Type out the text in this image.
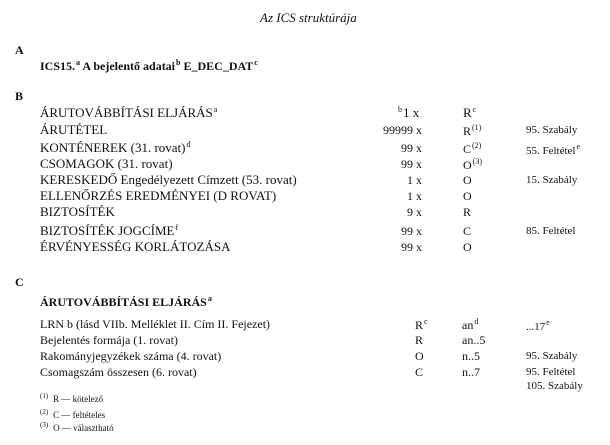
Az ICS struktúrája
A
ICS15.$^a$ A bejelentő adatai$^b$ E_DEC_DAT$^c$
B
ÁRUTOVÁBBÍTÁSI ELJÁRÁS$^a$	$^b$1 x	$R^c$
ÁRUTÉTEL	99999 x	$R^{(1)}$	95. Szabály
KONTÉNEREK (31. rovat)$^d$	99 x	$C^{(2)}$	55. Feltétel$^e$
CSOMAGOK (31. rovat)	99 x	$O^{(3)}$
KERESKEDŐ Engedélyezett Címzett (53. rovat)	1 x	O	15. Szabály
ELLENŐRZÉS EREDMÉNYEI (D ROVAT)	1 x	O
BIZTOSÍTÉK	9 x	R
BIZTOSÍTÉK JOGCÍME$^f$	99 x	C	85. Feltétel
ÉRVÉNYESSÉG KORLÁTOZÁSA	99 x	O
C
ÁRUTOVÁBBÍTÁSI ELJÁRÁS$^a$
LRN b (lásd VIIb. Melléklet II. Cím II. Fejezet)	$R^c$	$an^d$	...17e
Bejelentés formája (1. rovat)	R	an..5
Rakományjegyzékek száma (4. rovat)	O	n..5	95. Szabály
Csomagszám összesen (6. rovat)	C	n..7	95. Feltétel
105. Szabály
$^{(1)}$ R — kötelező
$^{(2)}$ C — feltételes
$^{(3)}$ O — választható
